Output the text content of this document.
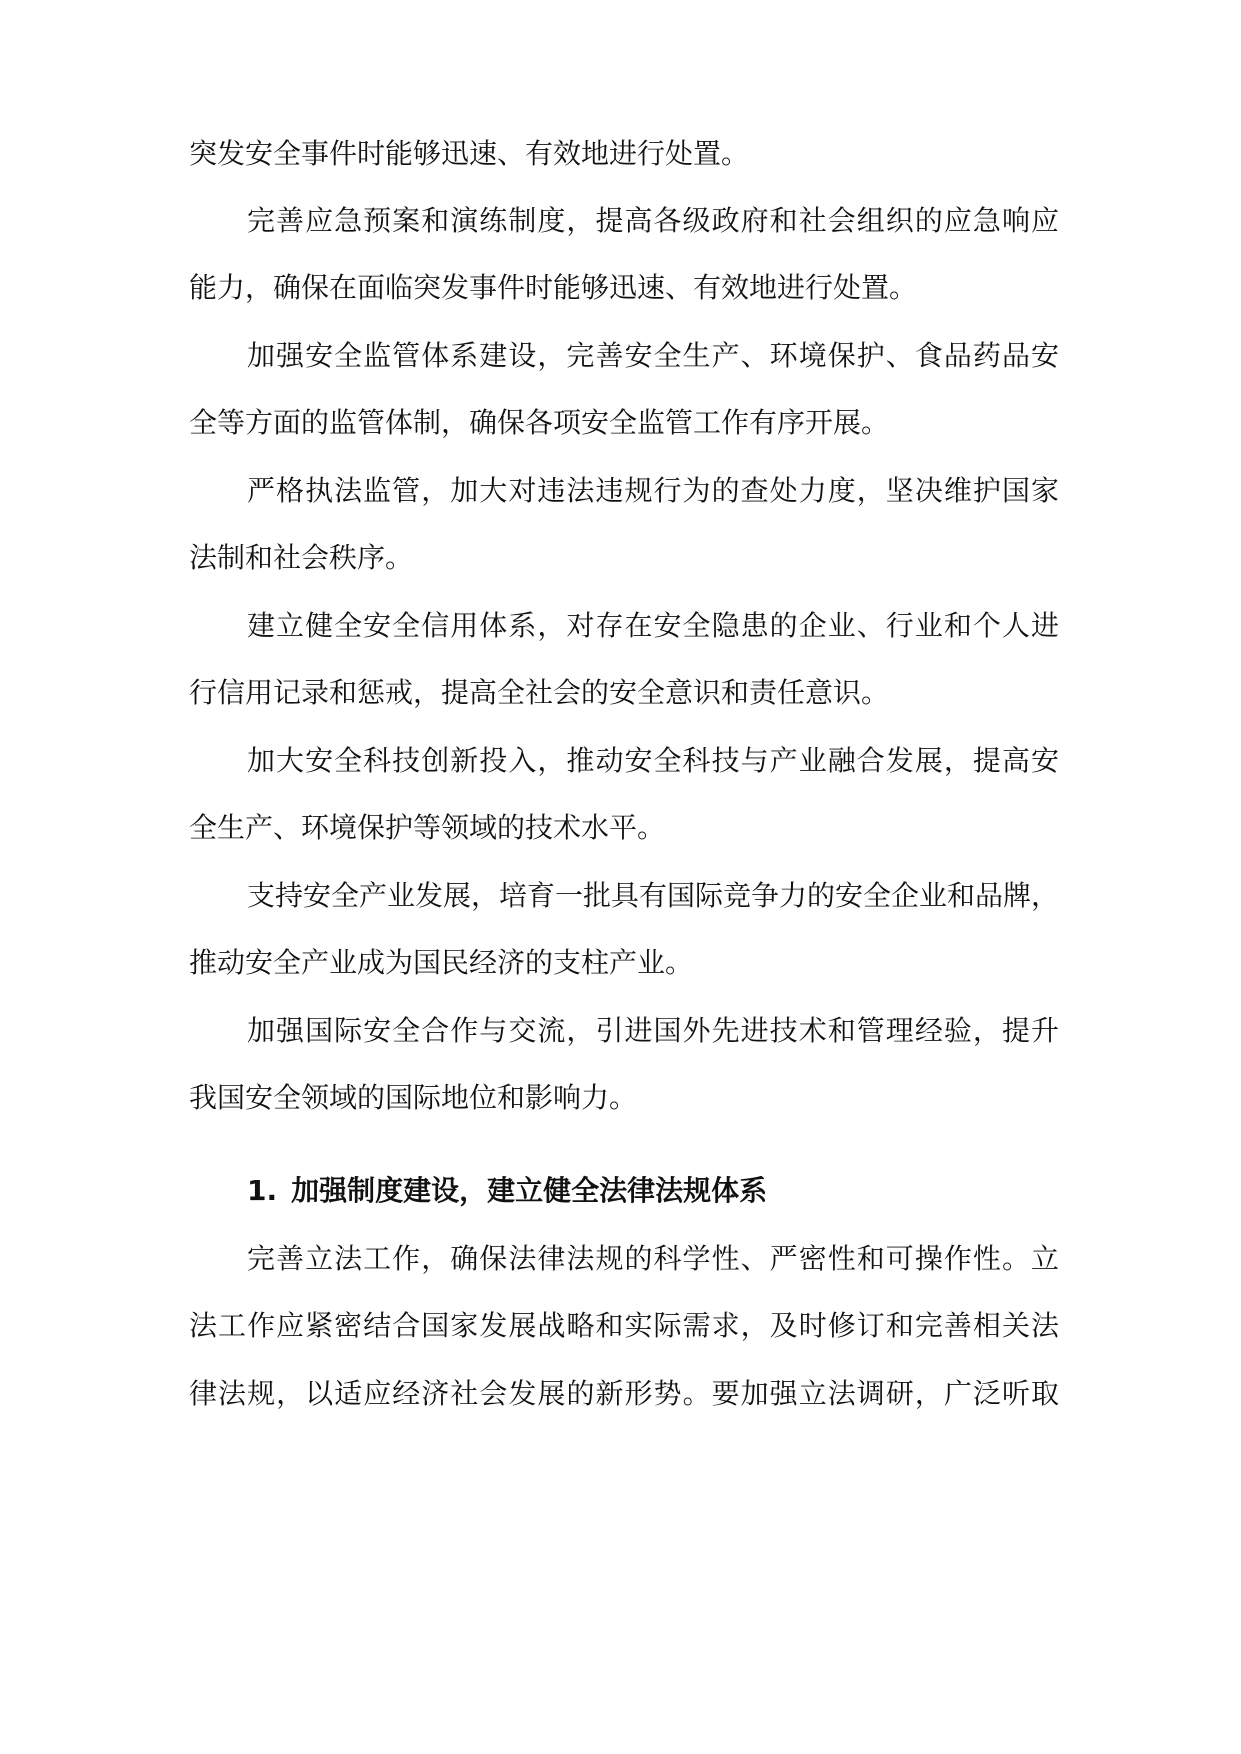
突发安全事件时能够迅速、有效地进行处置。

完善应急预案和演练制度，提高各级政府和社会组织的应急响应

能力，确保在面临突发事件时能够迅速、有效地进行处置。

加强安全监管体系建设，完善安全生产、环境保护、食品药品安

全等方面的监管体制，确保各项安全监管工作有序开展。

严格执法监管，加大对违法违规行为的查处力度，坚决维护国家

法制和社会秩序。

建立健全安全信用体系，对存在安全隐患的企业、行业和个人进

行信用记录和惩戒，提高全社会的安全意识和责任意识。

加大安全科技创新投入，推动安全科技与产业融合发展，提高安

全生产、环境保护等领域的技术水平。

支持安全产业发展，培育一批具有国际竞争力的安全企业和品牌，

推动安全产业成为国民经济的支柱产业。

加强国际安全合作与交流，引进国外先进技术和管理经验，提升

我国安全领域的国际地位和影响力。

1. 加强制度建设，建立健全法律法规体系

完善立法工作，确保法律法规的科学性、严密性和可操作性。立

法工作应紧密结合国家发展战略和实际需求，及时修订和完善相关法

律法规，以适应经济社会发展的新形势。要加强立法调研，广泛听取
